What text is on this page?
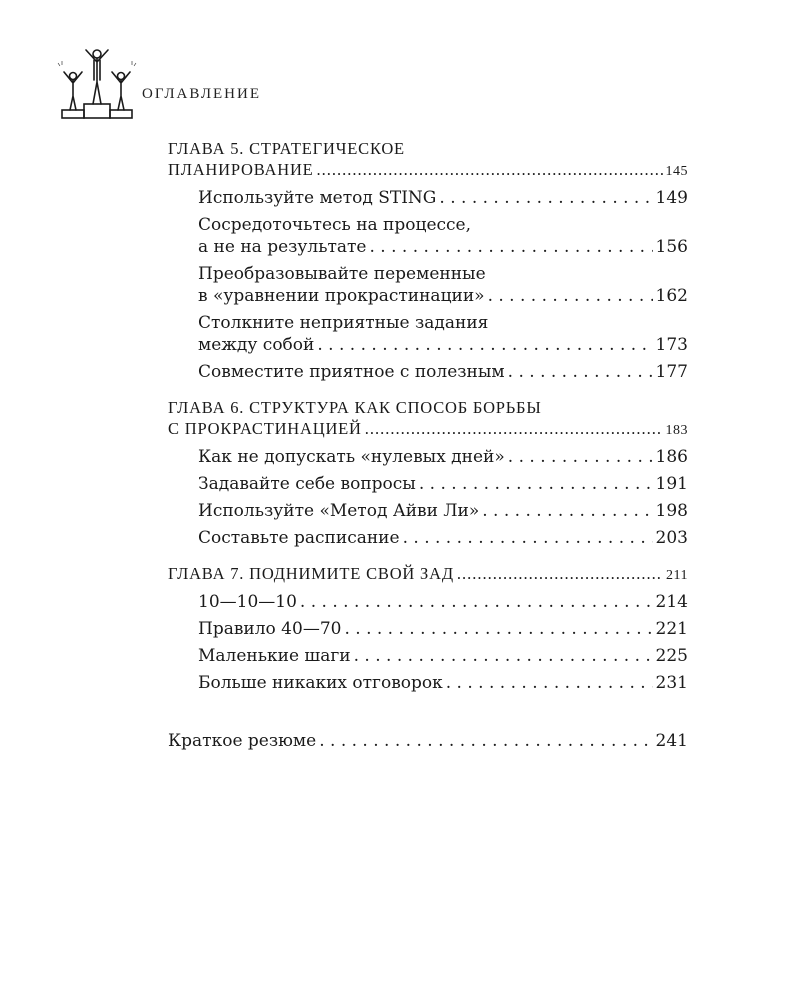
ОГЛАВЛЕНИЕ
ГЛАВА 5. СТРАТЕГИЧЕСКОЕ
ПЛАНИРОВАНИЕ .....	145
Используйте метод STING . . .	149
Сосредоточьтесь на процессе,
а не на результате . . .	156
Преобразовывайте переменные
в «уравнении прокрастинации» . . .	162
Столкните неприятные задания
между собой . . .	173
Совместите приятное с полезным . . .	177
ГЛАВА 6. СТРУКТУРА КАК СПОСОБ БОРЬБЫ
С ПРОКРАСТИНАЦИЕЙ .....	183
Как не допускать «нулевых дней» . . .	186
Задавайте себе вопросы . . .	191
Используйте «Метод Айви Ли» . . .	198
Составьте расписание . . .	203
ГЛАВА 7. ПОДНИМИТЕ СВОЙ ЗАД .....	211
10—10—10 . . .	214
Правило 40—70 . . .	221
Маленькие шаги . . .	225
Больше никаких отговорок . . .	231
Краткое резюме . . .	241
